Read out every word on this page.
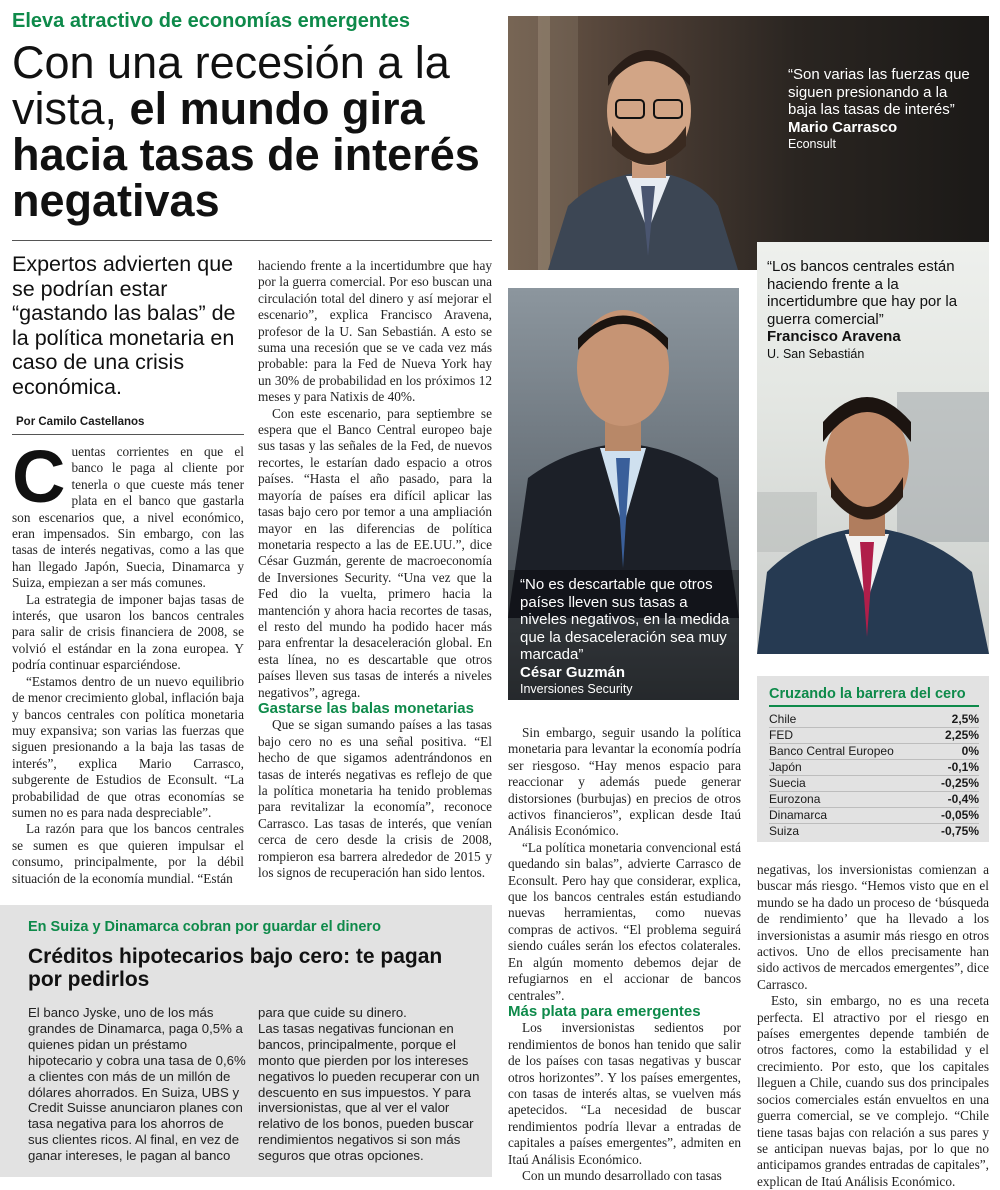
Eleva atractivo de economías emergentes
Con una recesión a la vista, el mundo gira hacia tasas de interés negativas
Expertos advierten que se podrían estar “gastando las balas” de la política monetaria en caso de una crisis económica.
Por Camilo Castellanos

Cuentas corrientes en que el banco le paga al cliente por tenerla o que cueste más tener plata en el banco que gastarla son escenarios que, a nivel económico, eran impensados. Sin embargo, con las tasas de interés negativas, como a las que han llegado Japón, Suecia, Dinamarca y Suiza, empiezan a ser más comunes.

La estrategia de imponer bajas tasas de interés, que usaron los bancos centrales para salir de crisis financiera de 2008, se volvió el estándar en la zona europea. Y podría continuar esparciéndose.

“Estamos dentro de un nuevo equilibrio de menor crecimiento global, inflación baja y bancos centrales con política monetaria muy expansiva; son varias las fuerzas que siguen presionando a la baja las tasas de interés”, explica Mario Carrasco, subgerente de Estudios de Econsult. “La probabilidad de que otras economías se sumen no es para nada despreciable”.

La razón para que los bancos centrales se sumen es que quieren impulsar el consumo, principalmente, por la débil situación de la economía mundial. “Están

haciendo frente a la incertidumbre que hay por la guerra comercial. Por eso buscan una circulación total del dinero y así mejorar el escenario”, explica Francisco Aravena, profesor de la U. San Sebastián. A esto se suma una recesión que se ve cada vez más probable: para la Fed de Nueva York hay un 30% de probabilidad en los próximos 12 meses y para Natixis de 40%.

Con este escenario, para septiembre se espera que el Banco Central europeo baje sus tasas y las señales de la Fed, de nuevos recortes, le estarían dado espacio a otros países. “Hasta el año pasado, para la mayoría de países era difícil aplicar las tasas bajo cero por temor a una ampliación mayor en las diferencias de política monetaria respecto a las de EE.UU.”, dice César Guzmán, gerente de macroeconomía de Inversiones Security. “Una vez que la Fed dio la vuelta, primero hacia la mantención y ahora hacia recortes de tasas, el resto del mundo ha podido hacer más para enfrentar la desaceleración global. En esta línea, no es descartable que otros países lleven sus tasas de interés a niveles negativos”, agrega.

Gastarse las balas monetarias

Que se sigan sumando países a las tasas bajo cero no es una señal positiva. “El hecho de que sigamos adentrándonos en tasas de interés negativas es reflejo de que la política monetaria ha tenido problemas para revitalizar la economía”, reconoce Carrasco. Las tasas de interés, que venían cerca de cero desde la crisis de 2008, rompieron esa barrera alrededor de 2015 y los signos de recuperación han sido lentos.

“Son varias las fuerzas que siguen presionando a la baja las tasas de interés”
Mario Carrasco
Econsult
“Los bancos centrales están haciendo frente a la incertidumbre que hay por la guerra comercial”
Francisco Aravena
U. San Sebastián
“No es descartable que otros países lleven sus tasas a niveles negativos, en la medida que la desaceleración sea muy marcada”
César Guzmán
Inversiones Security

Sin embargo, seguir usando la política monetaria para levantar la economía podría ser riesgoso. “Hay menos espacio para reaccionar y además puede generar distorsiones (burbujas) en precios de otros activos financieros”, explican desde Itaú Análisis Económico.

“La política monetaria convencional está quedando sin balas”, advierte Carrasco de Econsult. Pero hay que considerar, explica, que los bancos centrales están estudiando nuevas herramientas, como nuevas compras de activos. “El problema seguirá siendo cuáles serán los efectos colaterales. En algún momento debemos dejar de refugiarnos en el accionar de bancos centrales”.

Más plata para emergentes

Los inversionistas sedientos por rendimientos de bonos han tenido que salir de los países con tasas negativas y buscar otros horizontes”. Y los países emergentes, con tasas de interés altas, se vuelven más apetecidos. “La necesidad de buscar rendimientos podría llevar a entradas de capitales a países emergentes”, admiten en Itaú Análisis Económico.

Con un mundo desarrollado con tasas

Cruzando la barrera del cero
Chile	2,5%
FED	2,25%
Banco Central Europeo	0%
Japón	-0,1%
Suecia	-0,25%
Eurozona	-0,4%
Dinamarca	-0,05%
Suiza	-0,75%

negativas, los inversionistas comienzan a buscar más riesgo. “Hemos visto que en el mundo se ha dado un proceso de ‘búsqueda de rendimiento’ que ha llevado a los inversionistas a asumir más riesgo en otros activos. Uno de ellos precisamente han sido activos de mercados emergentes”, dice Carrasco.

Esto, sin embargo, no es una receta perfecta. El atractivo por el riesgo en países emergentes depende también de otros factores, como la estabilidad y el crecimiento. Por esto, que los capitales lleguen a Chile, cuando sus dos principales socios comerciales están envueltos en una guerra comercial, se ve complejo. “Chile tiene tasas bajas con relación a sus pares y se anticipan nuevas bajas, por lo que no anticipamos grandes entradas de capitales”, explican de Itaú Análisis Económico.

En Suiza y Dinamarca cobran por guardar el dinero
Créditos hipotecarios bajo cero: te pagan por pedirlos

El banco Jyske, uno de los más grandes de Dinamarca, paga 0,5% a quienes pidan un préstamo hipotecario y cobra una tasa de 0,6% a clientes con más de un millón de dólares ahorrados. En Suiza, UBS y Credit Suisse anunciaron planes con tasa negativa para los ahorros de sus clientes ricos. Al final, en vez de ganar intereses, le pagan al banco

para que cuide su dinero.

Las tasas negativas funcionan en bancos, principalmente, porque el monto que pierden por los intereses negativos lo pueden recuperar con un descuento en sus impuestos. Y para inversionistas, que al ver el valor relativo de los bonos, pueden buscar rendimientos negativos si son más seguros que otras opciones.
